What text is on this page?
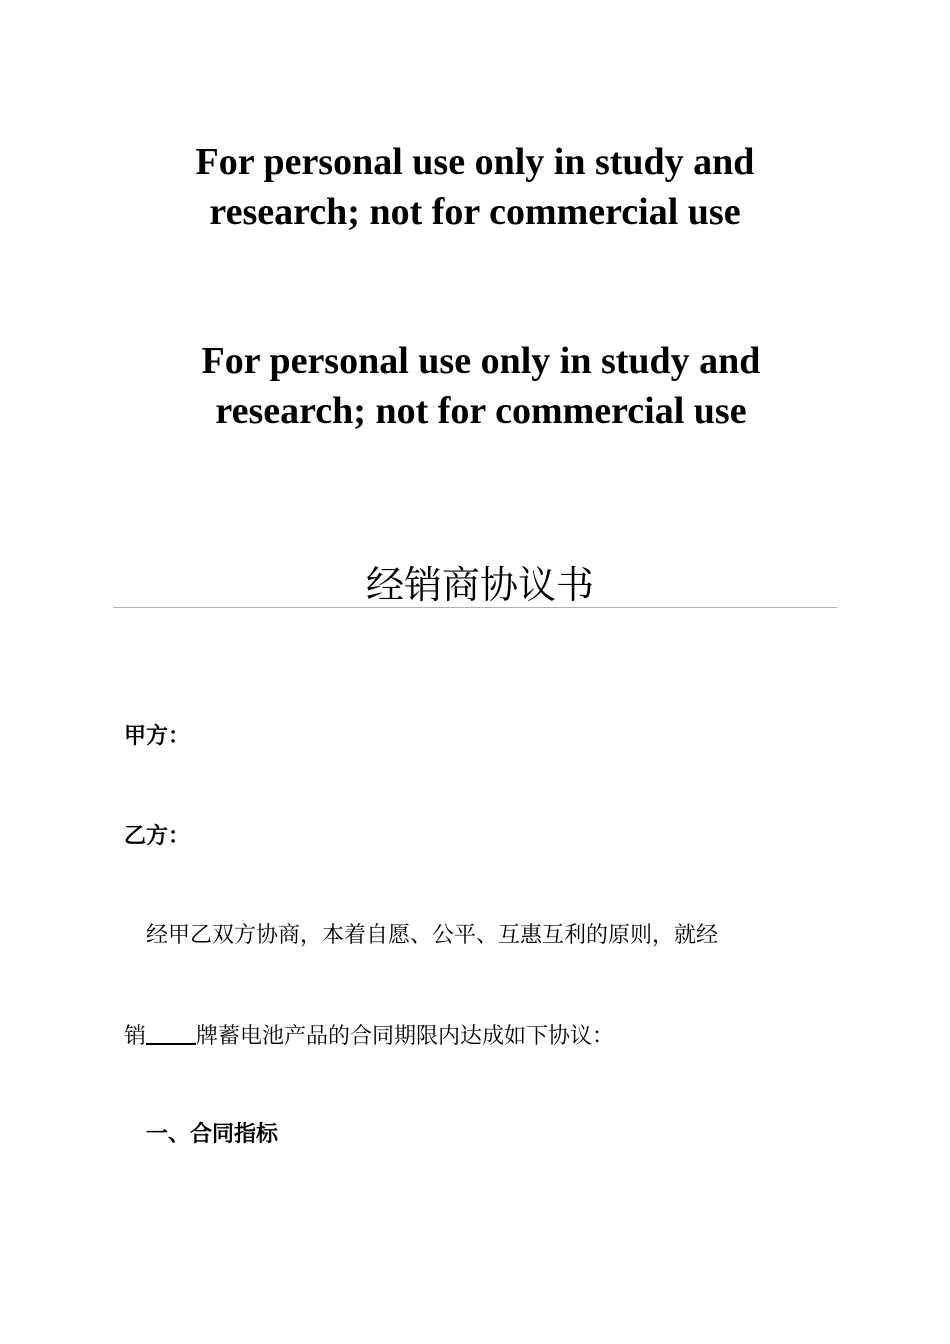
For personal use only in study and
research; not for commercial use
For personal use only in study and
research; not for commercial use
经销商协议书
甲方：
乙方：
经甲乙双方协商，本着自愿、公平、互惠互利的原则，就经
销 牌蓄电池产品的合同期限内达成如下协议：
一、合同指标
